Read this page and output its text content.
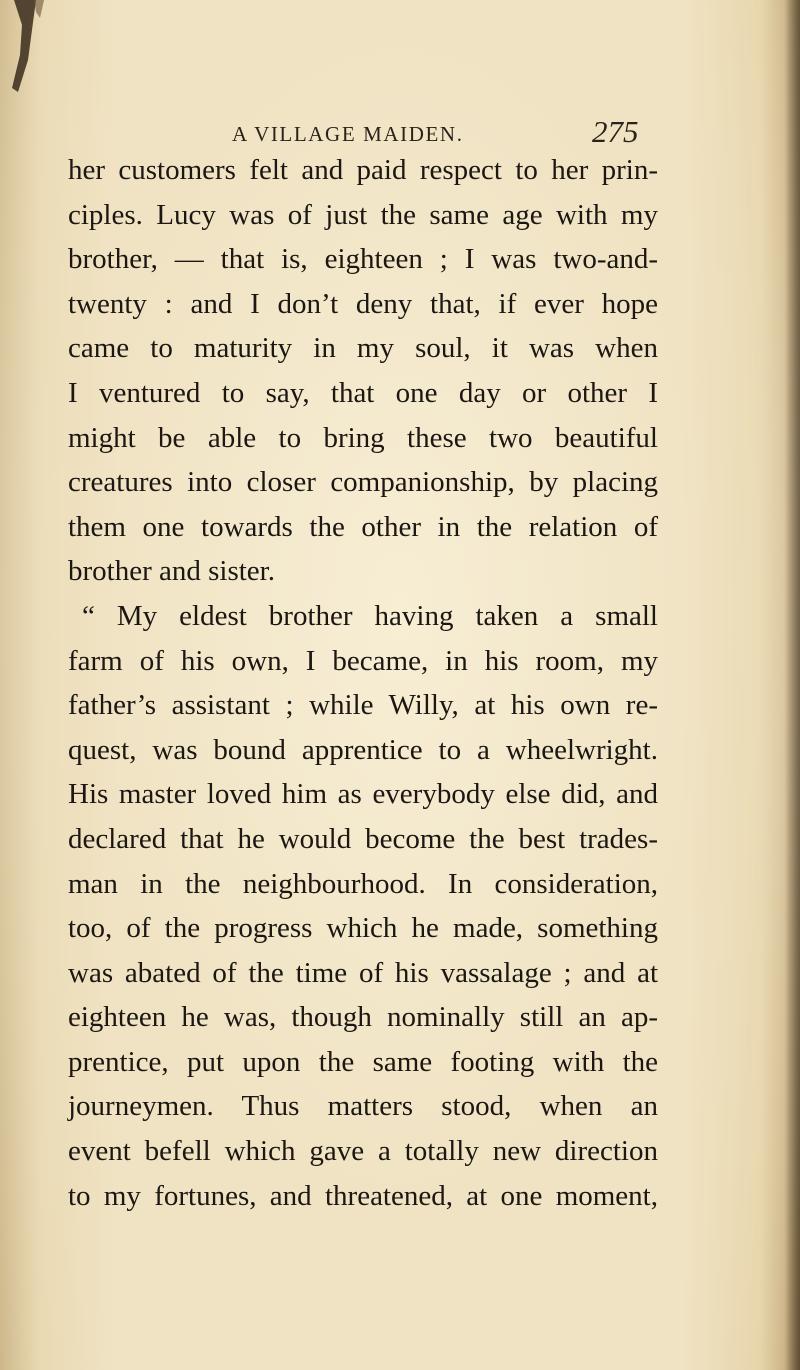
A VILLAGE MAIDEN.	275
her customers felt and paid respect to her prin-
ciples. Lucy was of just the same age with my
brother, — that is, eighteen ; I was two-and-
twenty : and I don’t deny that, if ever hope
came to maturity in my soul, it was when
I ventured to say, that one day or other I
might be able to bring these two beautiful
creatures into closer companionship, by placing
them one towards the other in the relation of
brother and sister.
“ My eldest brother having taken a small
farm of his own, I became, in his room, my
father’s assistant ; while Willy, at his own re-
quest, was bound apprentice to a wheelwright.
His master loved him as everybody else did, and
declared that he would become the best trades-
man in the neighbourhood. In consideration,
too, of the progress which he made, something
was abated of the time of his vassalage ; and at
eighteen he was, though nominally still an ap-
prentice, put upon the same footing with the
journeymen. Thus matters stood, when an
event befell which gave a totally new direction
to my fortunes, and threatened, at one moment,
